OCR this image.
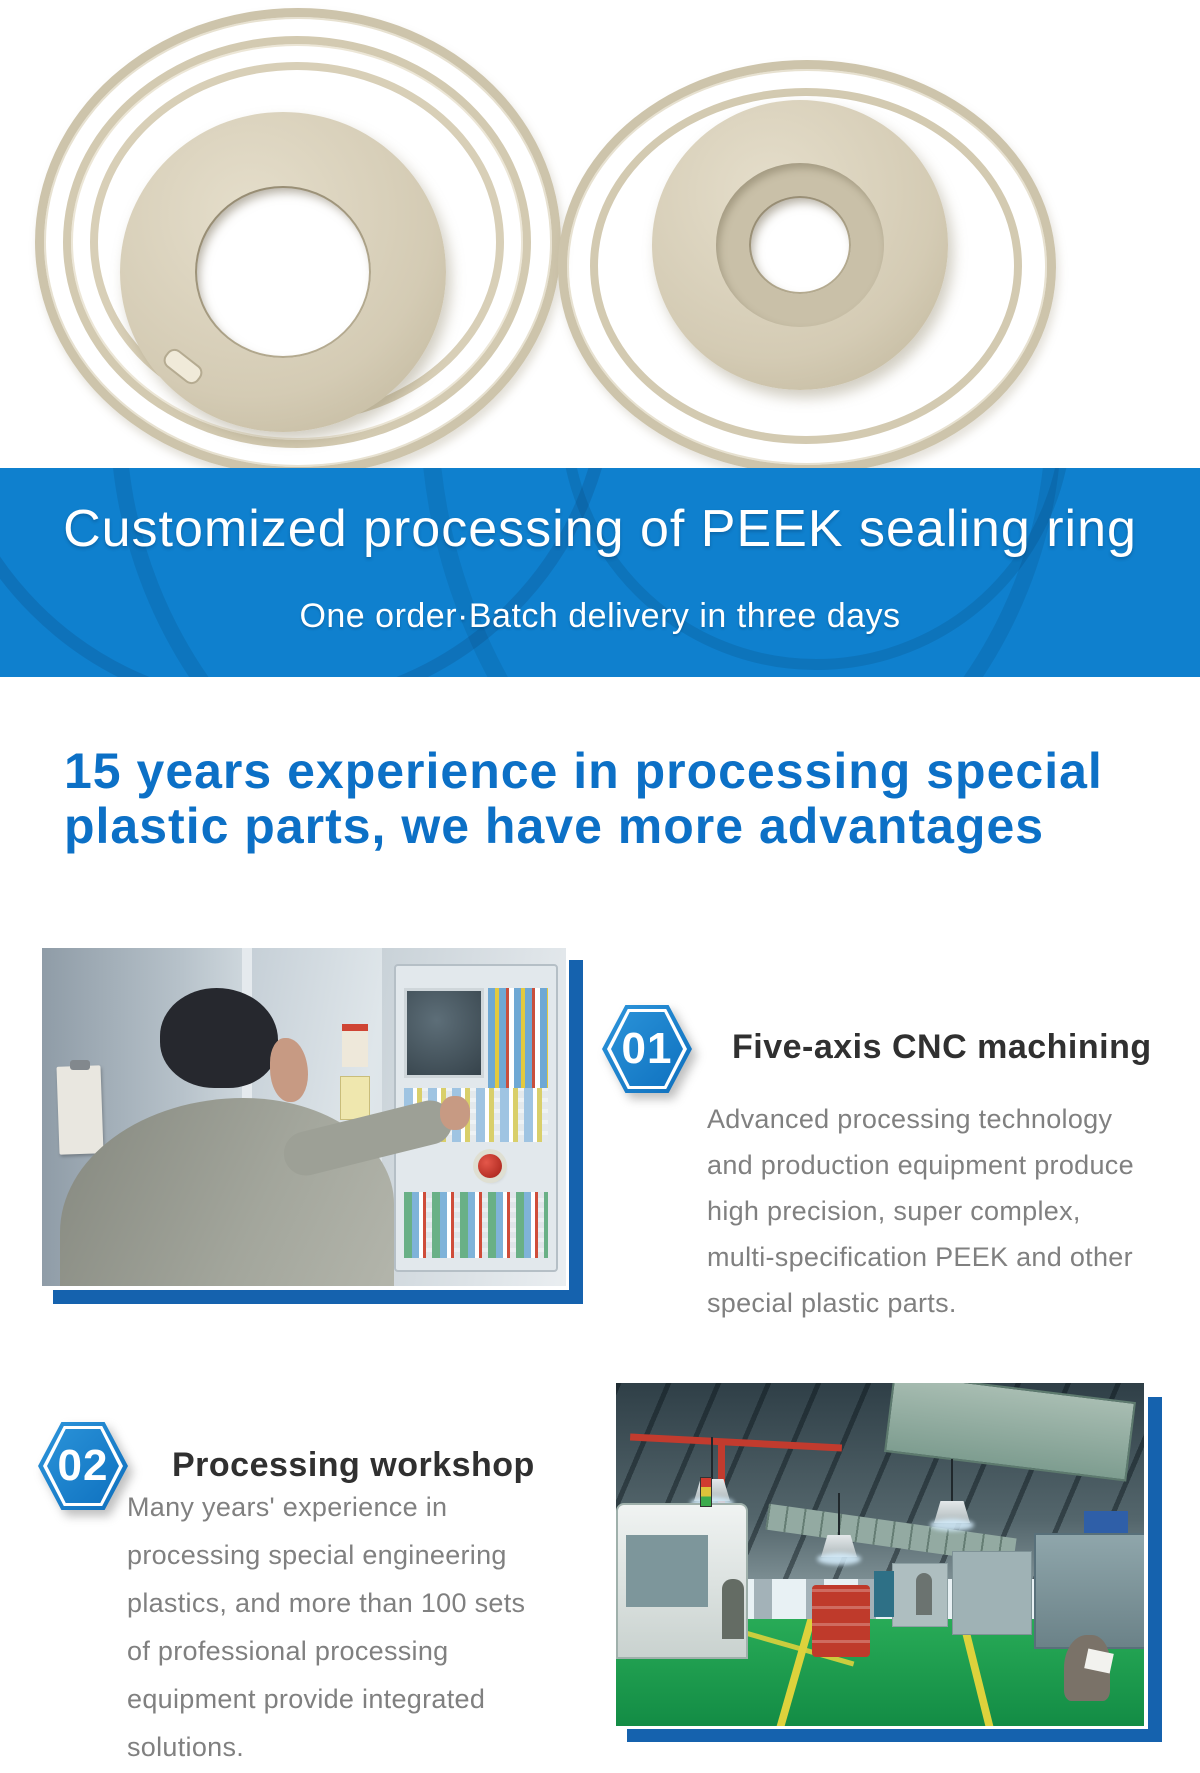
Customized processing of PEEK sealing ring
One order·Batch delivery in three days
15 years experience in processing special
plastic parts, we have more advantages
01	Five-axis CNC machining
Advanced processing technology
and production equipment produce
high precision, super complex,
multi-specification PEEK and other
special plastic parts.
02	Processing workshop
Many years' experience in
processing special engineering
plastics, and more than 100 sets
of professional processing
equipment provide integrated
solutions.
